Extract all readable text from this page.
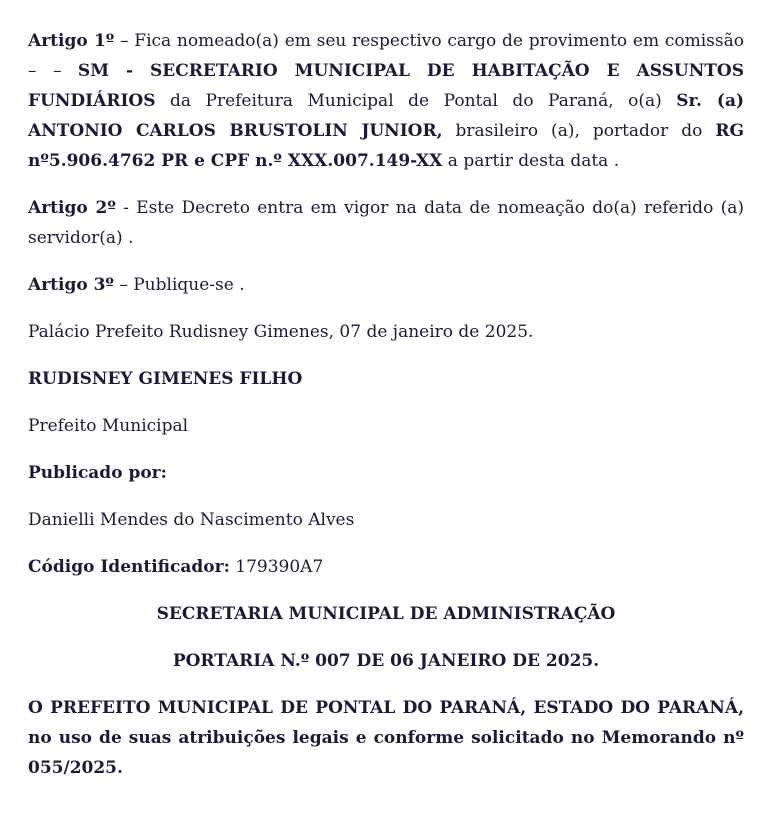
Artigo 1º – Fica nomeado(a) em seu respectivo cargo de provimento em comissão – – SM - SECRETARIO MUNICIPAL DE HABITAÇÃO E ASSUNTOS FUNDIÁRIOS da Prefeitura Municipal de Pontal do Paraná, o(a) Sr. (a) ANTONIO CARLOS BRUSTOLIN JUNIOR, brasileiro (a), portador do RG nº5.906.4762 PR e CPF n.º XXX.007.149-XX a partir desta data .

Artigo 2º - Este Decreto entra em vigor na data de nomeação do(a) referido (a) servidor(a) .

Artigo 3º – Publique-se .

Palácio Prefeito Rudisney Gimenes, 07 de janeiro de 2025.

RUDISNEY GIMENES FILHO

Prefeito Municipal

Publicado por:

Danielli Mendes do Nascimento Alves

Código Identificador: 179390A7

SECRETARIA MUNICIPAL DE ADMINISTRAÇÃO

PORTARIA N.º 007 DE 06 JANEIRO DE 2025.

O PREFEITO MUNICIPAL DE PONTAL DO PARANÁ, ESTADO DO PARANÁ, no uso de suas atribuições legais e conforme solicitado no Memorando nº 055/2025.
